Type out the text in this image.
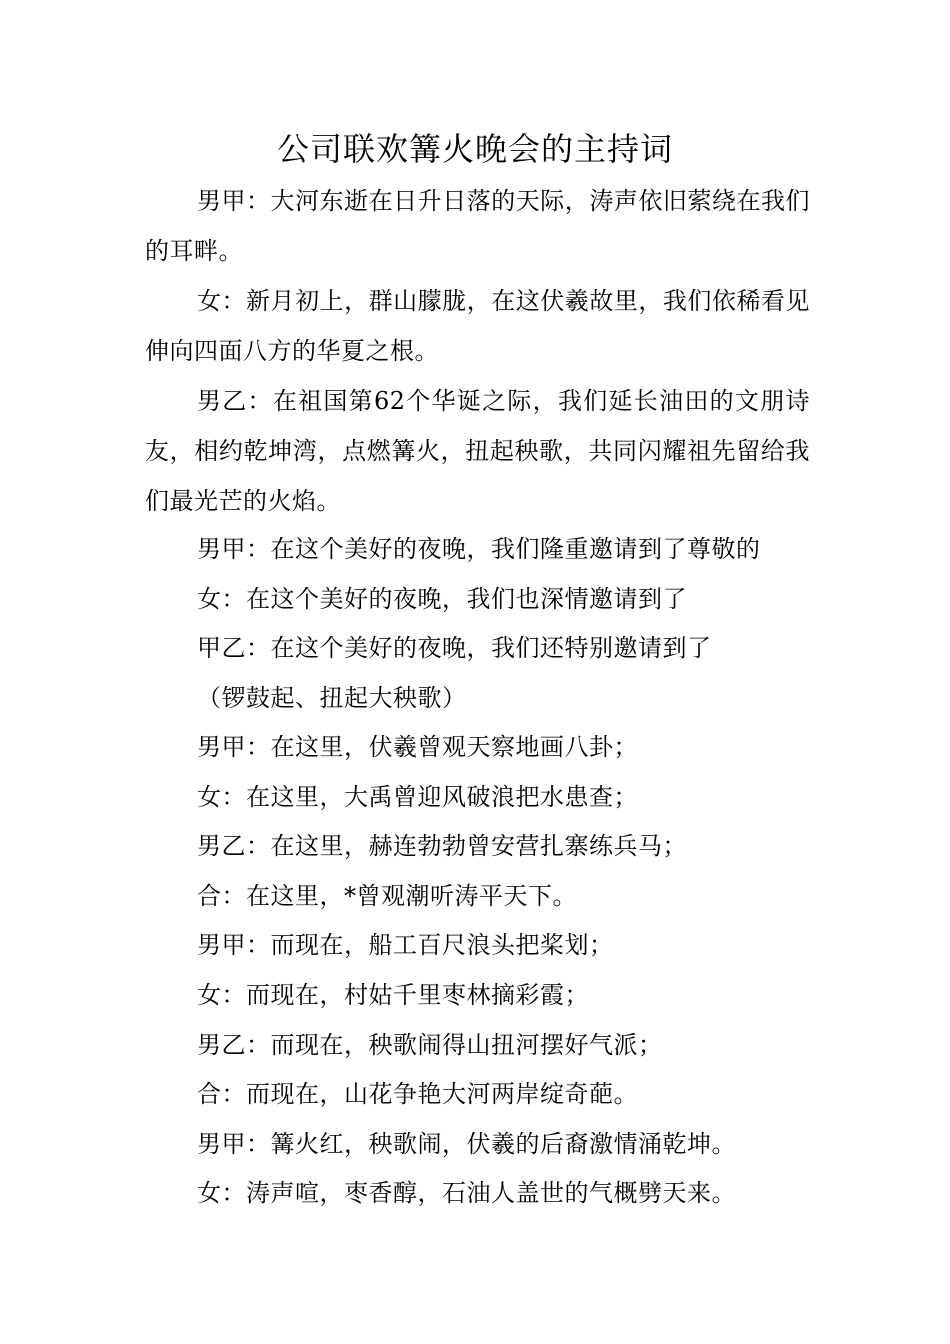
公司联欢篝火晚会的主持词
男甲：大河东逝在日升日落的天际，涛声依旧萦绕在我们的耳畔。
女：新月初上，群山朦胧，在这伏羲故里，我们依稀看见伸向四面八方的华夏之根。
男乙：在祖国第62个华诞之际，我们延长油田的文朋诗友，相约乾坤湾，点燃篝火，扭起秧歌，共同闪耀祖先留给我们最光芒的火焰。
男甲：在这个美好的夜晚，我们隆重邀请到了尊敬的
女：在这个美好的夜晚，我们也深情邀请到了
甲乙：在这个美好的夜晚，我们还特别邀请到了
（锣鼓起、扭起大秧歌）
男甲：在这里，伏羲曾观天察地画八卦；
女：在这里，大禹曾迎风破浪把水患查；
男乙：在这里，赫连勃勃曾安营扎寨练兵马；
合：在这里，*曾观潮听涛平天下。
男甲：而现在，船工百尺浪头把桨划；
女：而现在，村姑千里枣林摘彩霞；
男乙：而现在，秧歌闹得山扭河摆好气派；
合：而现在，山花争艳大河两岸绽奇葩。
男甲：篝火红，秧歌闹，伏羲的后裔激情涌乾坤。
女：涛声喧，枣香醇，石油人盖世的气概劈天来。
